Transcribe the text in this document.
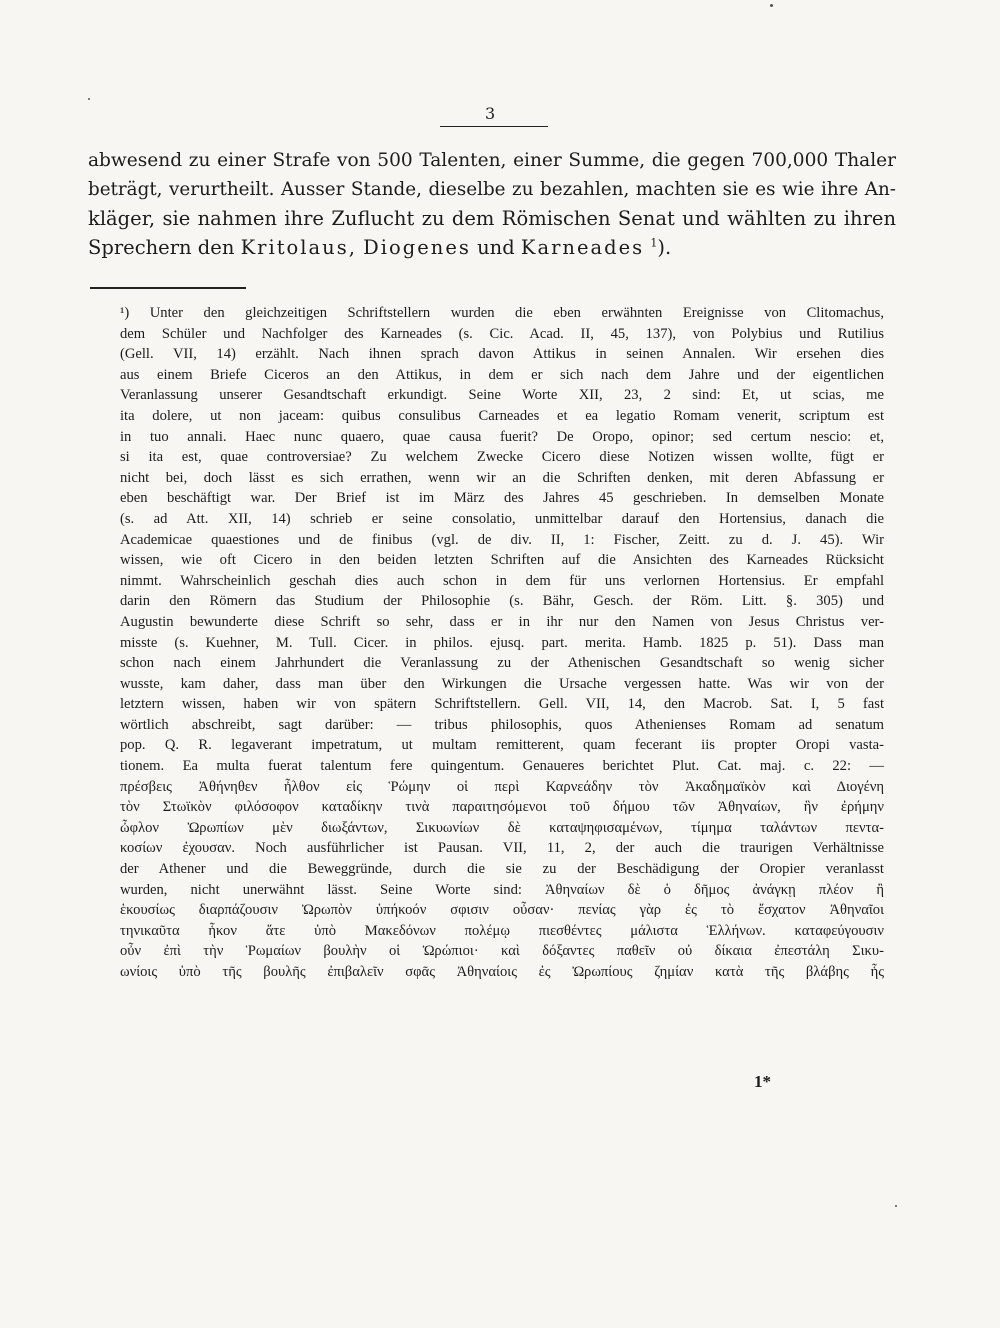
3
abwesend zu einer Strafe von 500 Talenten, einer Summe, die gegen 700,000 Thaler
beträgt, verurtheilt. Ausser Stande, dieselbe zu bezahlen, machten sie es wie ihre An-
kläger, sie nahmen ihre Zuflucht zu dem Römischen Senat und wählten zu ihren
Sprechern den Kritolaus, Diogenes und Karneades $^1$).
¹) Unter den gleichzeitigen Schriftstellern wurden die eben erwähnten Ereignisse von Clitomachus,
dem Schüler und Nachfolger des Karneades (s. Cic. Acad. II, 45, 137), von Polybius und Rutilius
(Gell. VII, 14) erzählt. Nach ihnen sprach davon Attikus in seinen Annalen. Wir ersehen dies
aus einem Briefe Ciceros an den Attikus, in dem er sich nach dem Jahre und der eigentlichen
Veranlassung unserer Gesandtschaft erkundigt. Seine Worte XII, 23, 2 sind: Et, ut scias, me
ita dolere, ut non jaceam: quibus consulibus Carneades et ea legatio Romam venerit, scriptum est
in tuo annali. Haec nunc quaero, quae causa fuerit? De Oropo, opinor; sed certum nescio: et,
si ita est, quae controversiae? Zu welchem Zwecke Cicero diese Notizen wissen wollte, fügt er
nicht bei, doch lässt es sich errathen, wenn wir an die Schriften denken, mit deren Abfassung er
eben beschäftigt war. Der Brief ist im März des Jahres 45 geschrieben. In demselben Monate
(s. ad Att. XII, 14) schrieb er seine consolatio, unmittelbar darauf den Hortensius, danach die
Academicae quaestiones und de finibus (vgl. de div. II, 1: Fischer, Zeitt. zu d. J. 45). Wir
wissen, wie oft Cicero in den beiden letzten Schriften auf die Ansichten des Karneades Rücksicht
nimmt. Wahrscheinlich geschah dies auch schon in dem für uns verlornen Hortensius. Er empfahl
darin den Römern das Studium der Philosophie (s. Bähr, Gesch. der Röm. Litt. §. 305) und
Augustin bewunderte diese Schrift so sehr, dass er in ihr nur den Namen von Jesus Christus ver-
misste (s. Kuehner, M. Tull. Cicer. in philos. ejusq. part. merita. Hamb. 1825 p. 51). Dass man
schon nach einem Jahrhundert die Veranlassung zu der Athenischen Gesandtschaft so wenig sicher
wusste, kam daher, dass man über den Wirkungen die Ursache vergessen hatte. Was wir von der
letztern wissen, haben wir von spätern Schriftstellern. Gell. VII, 14, den Macrob. Sat. I, 5 fast
wörtlich abschreibt, sagt darüber: — tribus philosophis, quos Athenienses Romam ad senatum
pop. Q. R. legaverant impetratum, ut multam remitterent, quam fecerant iis propter Oropi vasta-
tionem. Ea multa fuerat talentum fere quingentum. Genaueres berichtet Plut. Cat. maj. c. 22: —
πρέσβεις Ἀθήνηθεν ἦλθον εἰς Ῥώμην οἱ περὶ Καρνεάδην τὸν Ἀκαδημαϊκὸν καὶ Διογένη
τὸν Στωϊκὸν φιλόσοφον καταδίκην τινὰ παραιτησόμενοι τοῦ δήμου τῶν Ἀθηναίων, ἣν ἐρήμην
ὦφλον Ὠρωπίων μὲν διωξάντων, Σικυωνίων δὲ καταψηφισαμένων, τίμημα ταλάντων πεντα-
κοσίων ἐχουσαν. Noch ausführlicher ist Pausan. VII, 11, 2, der auch die traurigen Verhältnisse
der Athener und die Beweggründe, durch die sie zu der Beschädigung der Oropier veranlasst
wurden, nicht unerwähnt lässt. Seine Worte sind: Ἀθηναίων δὲ ὁ δῆμος ἀνάγκῃ πλέον ἢ
ἑκουσίως διαρπάζουσιν Ὠρωπὸν ὑπήκοόν σφισιν οὖσαν· πενίας γὰρ ἐς τὸ ἔσχατον Ἀθηναῖοι
τηνικαῦτα ἧκον ἅτε ὑπὸ Μακεδόνων πολέμῳ πιεσθέντες μάλιστα Ἑλλήνων. καταφεύγουσιν
οὖν ἐπὶ τὴν Ῥωμαίων βουλὴν οἱ Ὠρώπιοι· καὶ δόξαντες παθεῖν οὐ δίκαια ἐπεστάλη Σικυ-
ωνίοις ὑπὸ τῆς βουλῆς ἐπιβαλεῖν σφᾶς Ἀθηναίοις ἐς Ὠρωπίους ζημίαν κατὰ τῆς βλάβης ἧς
1*
